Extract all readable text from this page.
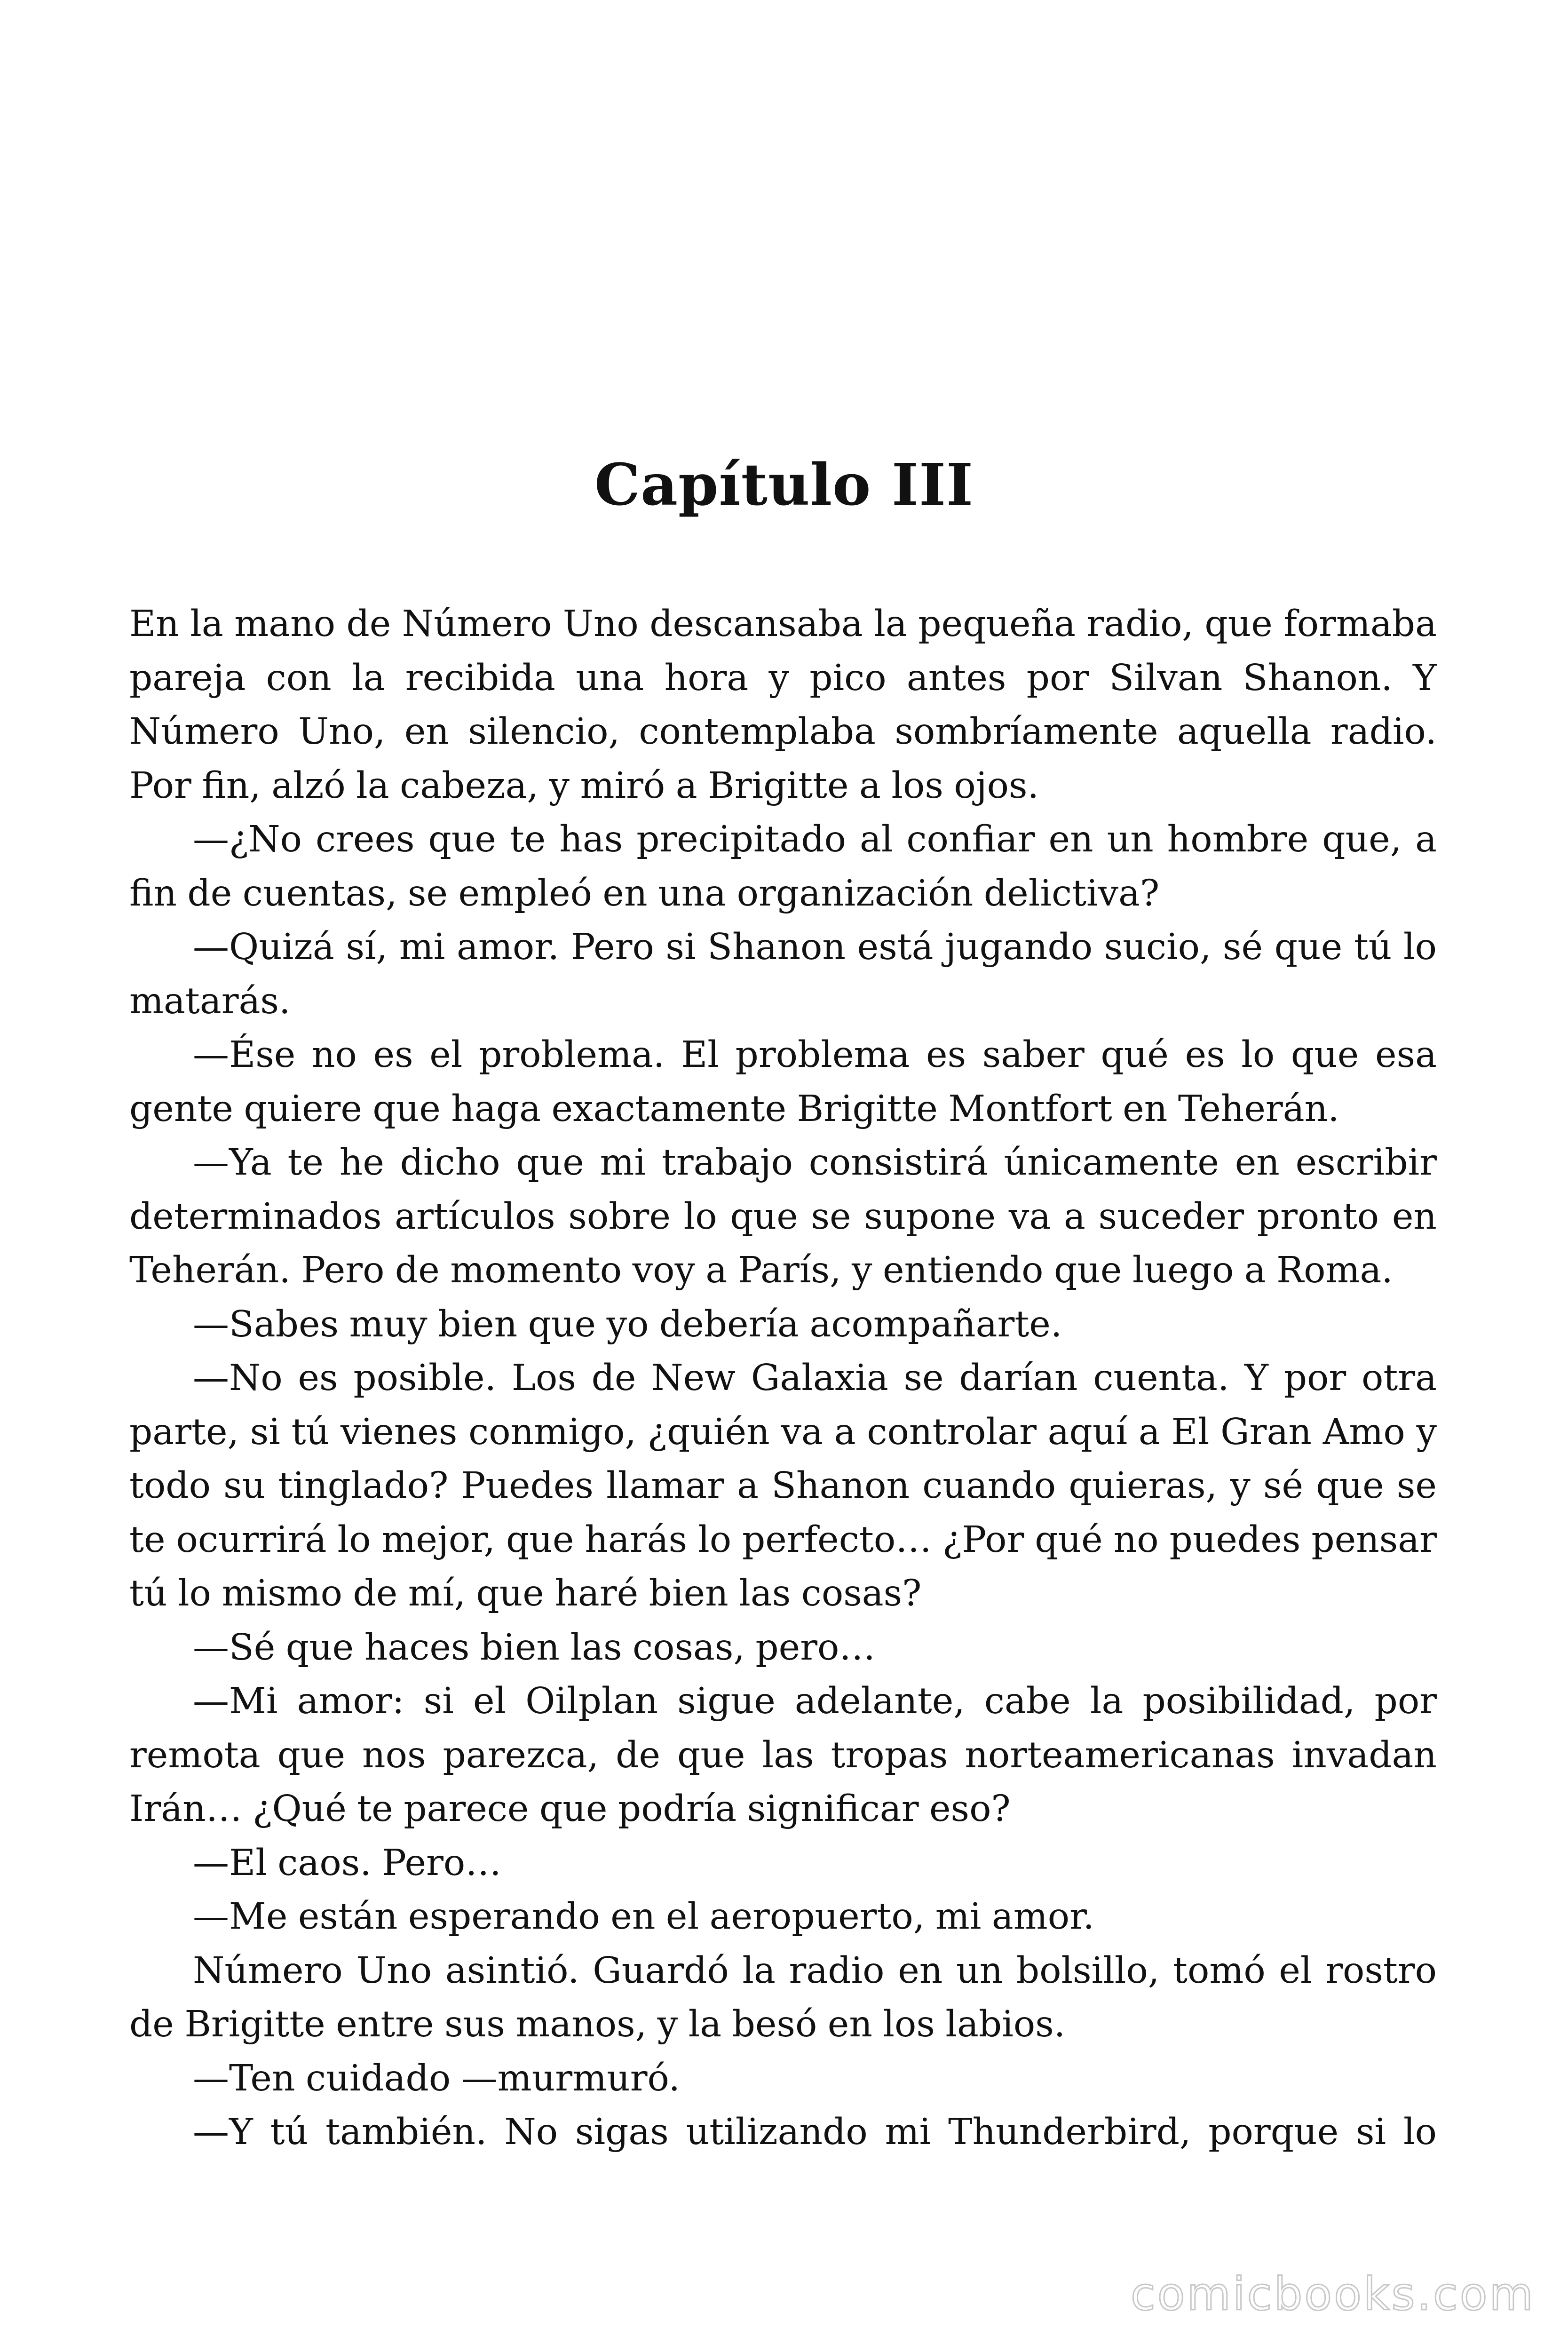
Capítulo III

En la mano de Número Uno descansaba la pequeña radio, que formaba pareja con la recibida una hora y pico antes por Silvan Shanon. Y Número Uno, en silencio, contemplaba sombríamente aquella radio. Por fin, alzó la cabeza, y miró a Brigitte a los ojos.

—¿No crees que te has precipitado al confiar en un hombre que, a fin de cuentas, se empleó en una organización delictiva?

—Quizá sí, mi amor. Pero si Shanon está jugando sucio, sé que tú lo matarás.

—Ése no es el problema. El problema es saber qué es lo que esa gente quiere que haga exactamente Brigitte Montfort en Teherán.

—Ya te he dicho que mi trabajo consistirá únicamente en escribir determinados artículos sobre lo que se supone va a suceder pronto en Teherán. Pero de momento voy a París, y entiendo que luego a Roma.

—Sabes muy bien que yo debería acompañarte.

—No es posible. Los de New Galaxia se darían cuenta. Y por otra parte, si tú vienes conmigo, ¿quién va a controlar aquí a El Gran Amo y todo su tinglado? Puedes llamar a Shanon cuando quieras, y sé que se te ocurrirá lo mejor, que harás lo perfecto… ¿Por qué no puedes pensar tú lo mismo de mí, que haré bien las cosas?

—Sé que haces bien las cosas, pero…

—Mi amor: si el Oilplan sigue adelante, cabe la posibilidad, por remota que nos parezca, de que las tropas norteamericanas invadan Irán… ¿Qué te parece que podría significar eso?

—El caos. Pero…

—Me están esperando en el aeropuerto, mi amor.

Número Uno asintió. Guardó la radio en un bolsillo, tomó el rostro de Brigitte entre sus manos, y la besó en los labios.

—Ten cuidado —murmuró.

—Y tú también. No sigas utilizando mi Thunderbird, porque si lo

comicbooks.com
